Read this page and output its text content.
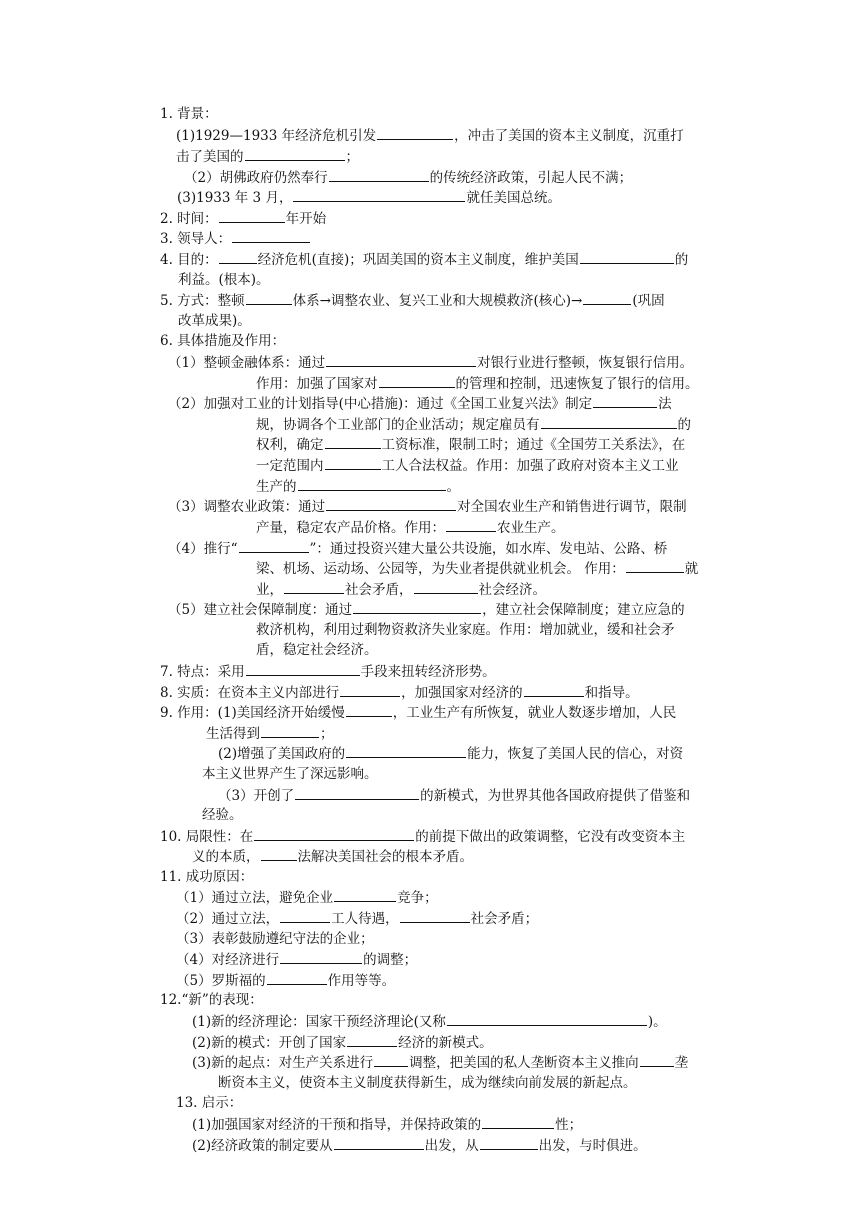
1. 背景：
(1)1929—1933 年经济危机引发	，冲击了美国的资本主义制度，沉重打
击了美国的	；
（2）胡佛政府仍然奉行	的传统经济政策，引起人民不满；
(3)1933 年 3 月，	就任美国总统。
2. 时间：	年开始
3. 领导人：
4. 目的：	经济危机(直接)；巩固美国的资本主义制度，维护美国	的
利益。(根本)。
5. 方式：整顿	体系→调整农业、复兴工业和大规模救济(核心)→	(巩固
改革成果)。
6. 具体措施及作用：
（1）整顿金融体系：通过	对银行业进行整顿，恢复银行信用。
作用：加强了国家对	的管理和控制，迅速恢复了银行的信用。
（2）加强对工业的计划指导(中心措施)：通过《全国工业复兴法》制定	法
规，协调各个工业部门的企业活动；规定雇员有	的
权利，确定	工资标准，限制工时；通过《全国劳工关系法》，在
一定范围内	工人合法权益。作用：加强了政府对资本主义工业
生产的	。
（3）调整农业政策：通过	对全国农业生产和销售进行调节，限制
产量，稳定农产品价格。作用：	农业生产。
（4）推行“	”：通过投资兴建大量公共设施，如水库、发电站、公路、桥
梁、机场、运动场、公园等，为失业者提供就业机会。 作用：	就
业，	社会矛盾，	社会经济。
（5）建立社会保障制度：通过	，建立社会保障制度；建立应急的
救济机构，利用过剩物资救济失业家庭。作用：增加就业，缓和社会矛
盾，稳定社会经济。
7. 特点：采用	手段来扭转经济形势。
8. 实质：在资本主义内部进行	，加强国家对经济的	和指导。
9. 作用：(1)美国经济开始缓慢	，工业生产有所恢复，就业人数逐步增加，人民
生活得到	；
(2)增强了美国政府的	能力，恢复了美国人民的信心，对资
本主义世界产生了深远影响。
（3）开创了	的新模式，为世界其他各国政府提供了借鉴和
经验。
10. 局限性：在	的前提下做出的政策调整，它没有改变资本主
义的本质，	法解决美国社会的根本矛盾。
11. 成功原因：
（1）通过立法，避免企业	竞争；
（2）通过立法，	工人待遇，	社会矛盾；
（3）表彰鼓励遵纪守法的企业；
（4）对经济进行	的调整；
（5）罗斯福的	作用等等。
12.“新”的表现：
(1)新的经济理论：国家干预经济理论(又称	)。
(2)新的模式：开创了国家	经济的新模式。
(3)新的起点：对生产关系进行	调整，把美国的私人垄断资本主义推向	垄
断资本主义，使资本主义制度获得新生，成为继续向前发展的新起点。
13. 启示：
(1)加强国家对经济的干预和指导，并保持政策的	性；
(2)经济政策的制定要从	出发，从	出发，与时俱进。
